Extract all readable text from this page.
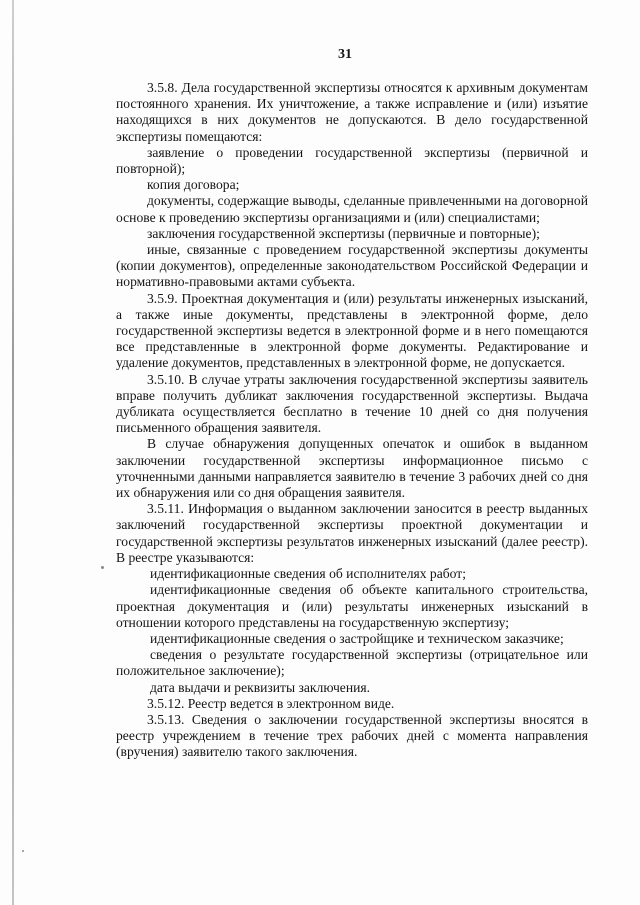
31

3.5.8. Дела государственной экспертизы относятся к архивным документам постоянного хранения. Их уничтожение, а также исправление и (или) изъятие находящихся в них документов не допускаются. В дело государственной экспертизы помещаются:

заявление о проведении государственной экспертизы (первичной и повторной);

копия договора;

документы, содержащие выводы, сделанные привлеченными на договорной основе к проведению экспертизы организациями и (или) специалистами;

заключения государственной экспертизы (первичные и повторные);

иные, связанные с проведением государственной экспертизы документы (копии документов), определенные законодательством Российской Федерации и нормативно-правовыми актами субъекта.

3.5.9. Проектная документация и (или) результаты инженерных изысканий, а также иные документы, представлены в электронной форме, дело государственной экспертизы ведется в электронной форме и в него помещаются все представленные в электронной форме документы. Редактирование и удаление документов, представленных в электронной форме, не допускается.

3.5.10. В случае утраты заключения государственной экспертизы заявитель вправе получить дубликат заключения государственной экспертизы. Выдача дубликата осуществляется бесплатно в течение 10 дней со дня получения письменного обращения заявителя.

В случае обнаружения допущенных опечаток и ошибок в выданном заключении государственной экспертизы информационное письмо с уточненными данными направляется заявителю в течение 3 рабочих дней со дня их обнаружения или со дня обращения заявителя.

3.5.11. Информация о выданном заключении заносится в реестр выданных заключений государственной экспертизы проектной документации и государственной экспертизы результатов инженерных изысканий (далее реестр). В реестре указываются:

идентификационные сведения об исполнителях работ;

идентификационные сведения об объекте капитального строительства, проектная документация и (или) результаты инженерных изысканий в отношении которого представлены на государственную экспертизу;

идентификационные сведения о застройщике и техническом заказчике;

сведения о результате государственной экспертизы (отрицательное или положительное заключение);

дата выдачи и реквизиты заключения.

3.5.12. Реестр ведется в электронном виде.

3.5.13. Сведения о заключении государственной экспертизы вносятся в реестр учреждением в течение трех рабочих дней с момента направления (вручения) заявителю такого заключения.
